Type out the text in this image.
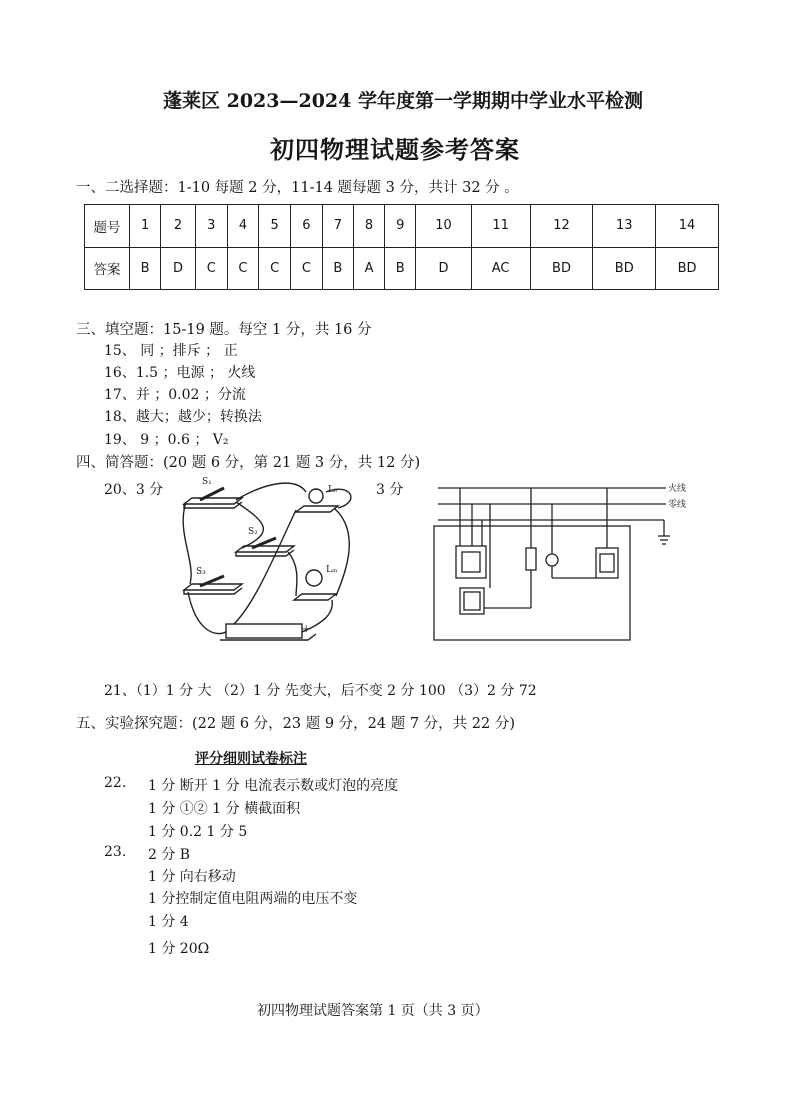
蓬莱区 2023—2024 学年度第一学期期中学业水平检测
初四物理试题参考答案
一、二选择题：1-10 每题 2 分，11-14 题每题 3 分，共计 32 分 。
题号	1	2	3	4	5	6	7	8	9	10	11	12	13	14
答案	B	D	C	C	C	C	B	A	B	D	AC	BD	BD	BD
三、填空题：15-19 题。每空 1 分，共 16 分
15、 同 ；排斥 ； 正
16、1.5 ；电源 ； 火线
17、并 ；0.02 ；分流
18、越大；越少；转换法
19、 9 ；0.6 ； V₂
四、简答题：(20 题 6 分，第 21 题 3 分，共 12 分)
20、3 分	3 分
S₁
S₂
S₃
Lₑ
Lₘ
+
火线
零线
21、（1）1 分 大 （2）1 分 先变大，后不变 2 分 100 （3）2 分 72
五、实验探究题：(22 题 6 分，23 题 9 分，24 题 7 分，共 22 分)
评分细则试卷标注
22. 1 分 断开 1 分 电流表示数或灯泡的亮度
1 分 ①② 1 分 横截面积
1 分 0.2 1 分 5
23. 2 分 B
1 分 向右移动
1 分控制定值电阻两端的电压不变
1 分 4
1 分 20Ω
初四物理试题答案第 1 页（共 3 页）
